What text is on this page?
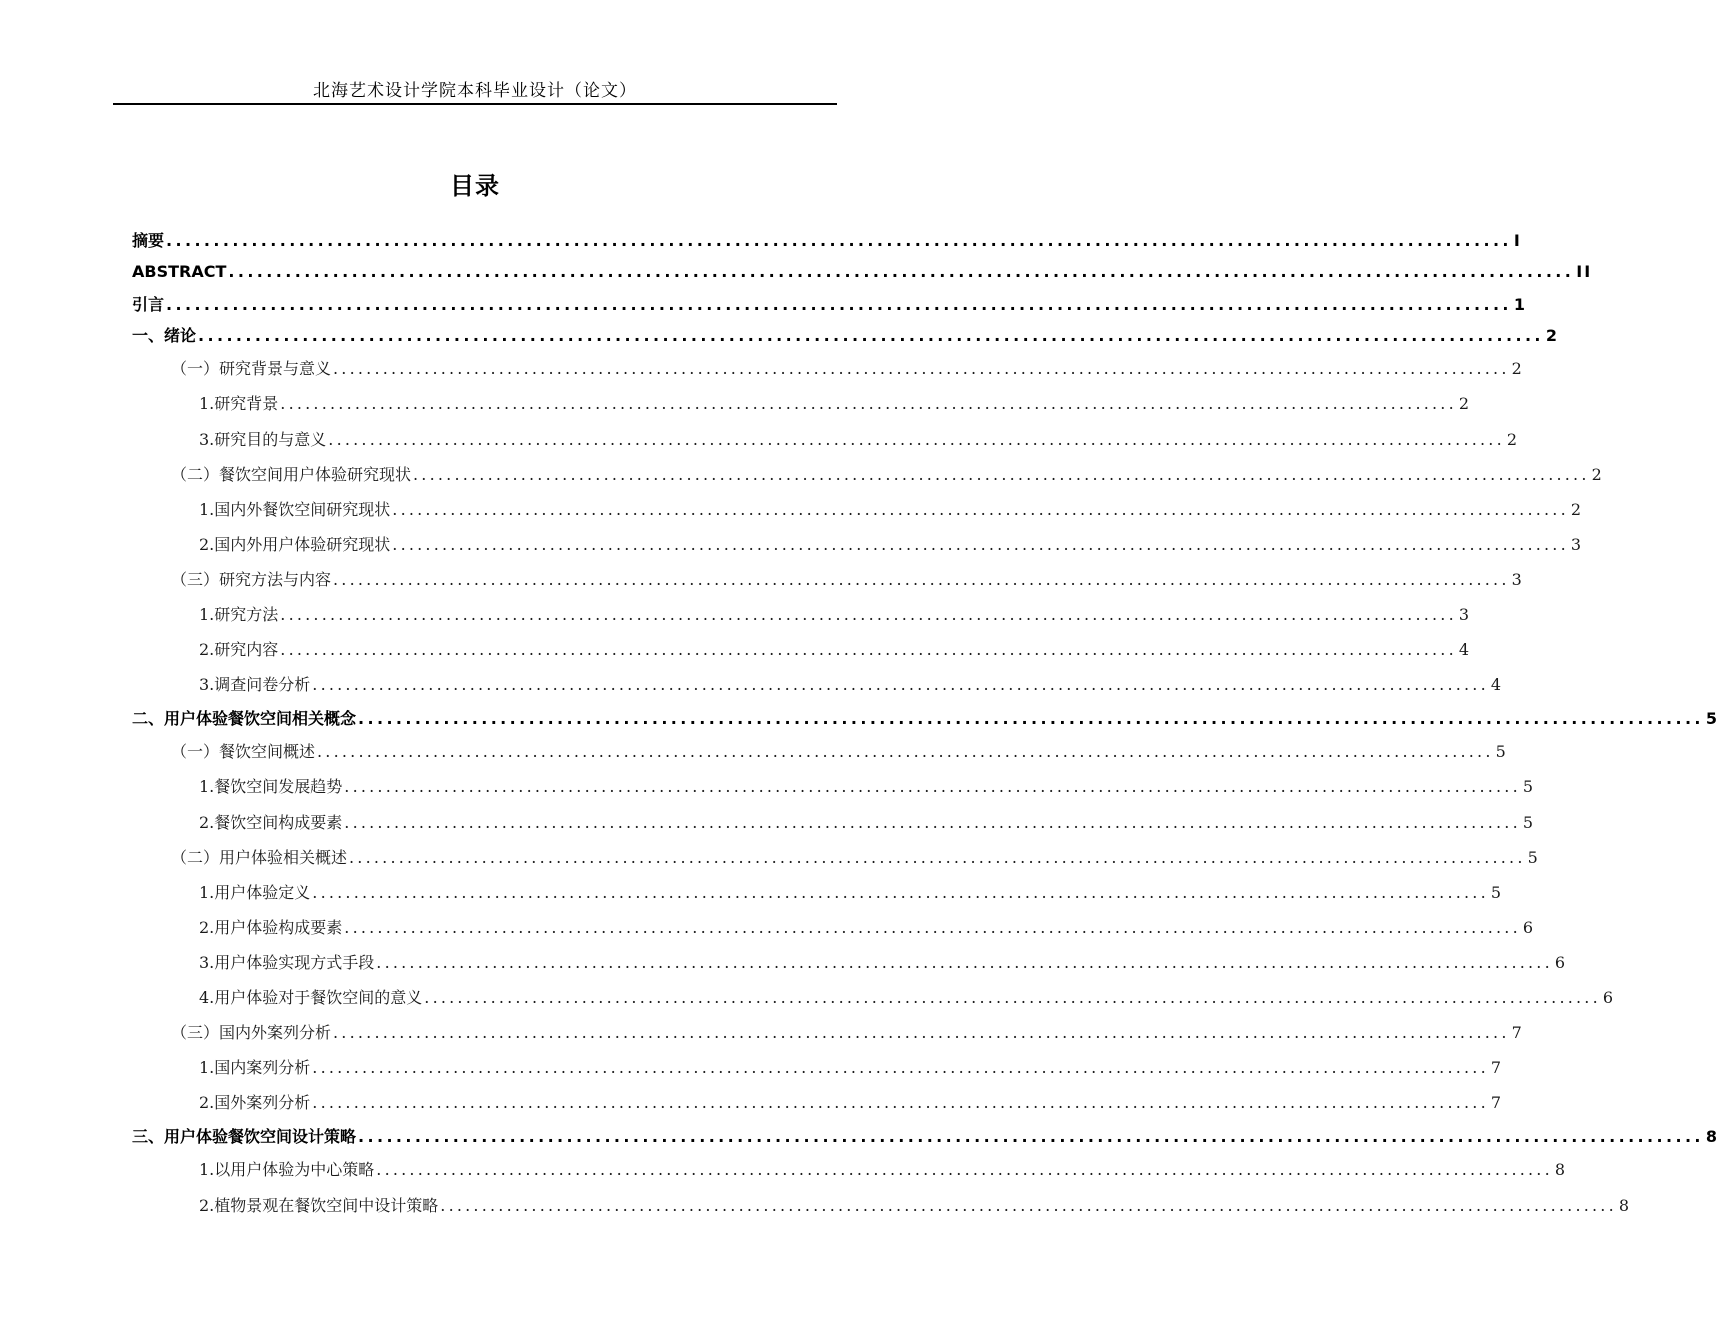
北海艺术设计学院本科毕业设计（论文）
目录
摘要 .............................................................................................................................................. I
ABSTRACT .............................................................................................................................................. II
引言 .............................................................................................................................................. 1
一、绪论 .............................................................................................................................................. 2
（一）研究背景与意义 .............................................................................................................................................. 2
1.研究背景 .............................................................................................................................................. 2
3.研究目的与意义 .............................................................................................................................................. 2
（二）餐饮空间用户体验研究现状 .............................................................................................................................................. 2
1.国内外餐饮空间研究现状 .............................................................................................................................................. 2
2.国内外用户体验研究现状 .............................................................................................................................................. 3
（三）研究方法与内容 .............................................................................................................................................. 3
1.研究方法 .............................................................................................................................................. 3
2.研究内容 .............................................................................................................................................. 4
3.调查问卷分析 .............................................................................................................................................. 4
二、用户体验餐饮空间相关概念 .............................................................................................................................................. 5
（一）餐饮空间概述 .............................................................................................................................................. 5
1.餐饮空间发展趋势 .............................................................................................................................................. 5
2.餐饮空间构成要素 .............................................................................................................................................. 5
（二）用户体验相关概述 .............................................................................................................................................. 5
1.用户体验定义 .............................................................................................................................................. 5
2.用户体验构成要素 .............................................................................................................................................. 6
3.用户体验实现方式手段 .............................................................................................................................................. 6
4.用户体验对于餐饮空间的意义 .............................................................................................................................................. 6
（三）国内外案列分析 .............................................................................................................................................. 7
1.国内案列分析 .............................................................................................................................................. 7
2.国外案列分析 .............................................................................................................................................. 7
三、用户体验餐饮空间设计策略 .............................................................................................................................................. 8
1.以用户体验为中心策略 .............................................................................................................................................. 8
2.植物景观在餐饮空间中设计策略 .............................................................................................................................................. 8
